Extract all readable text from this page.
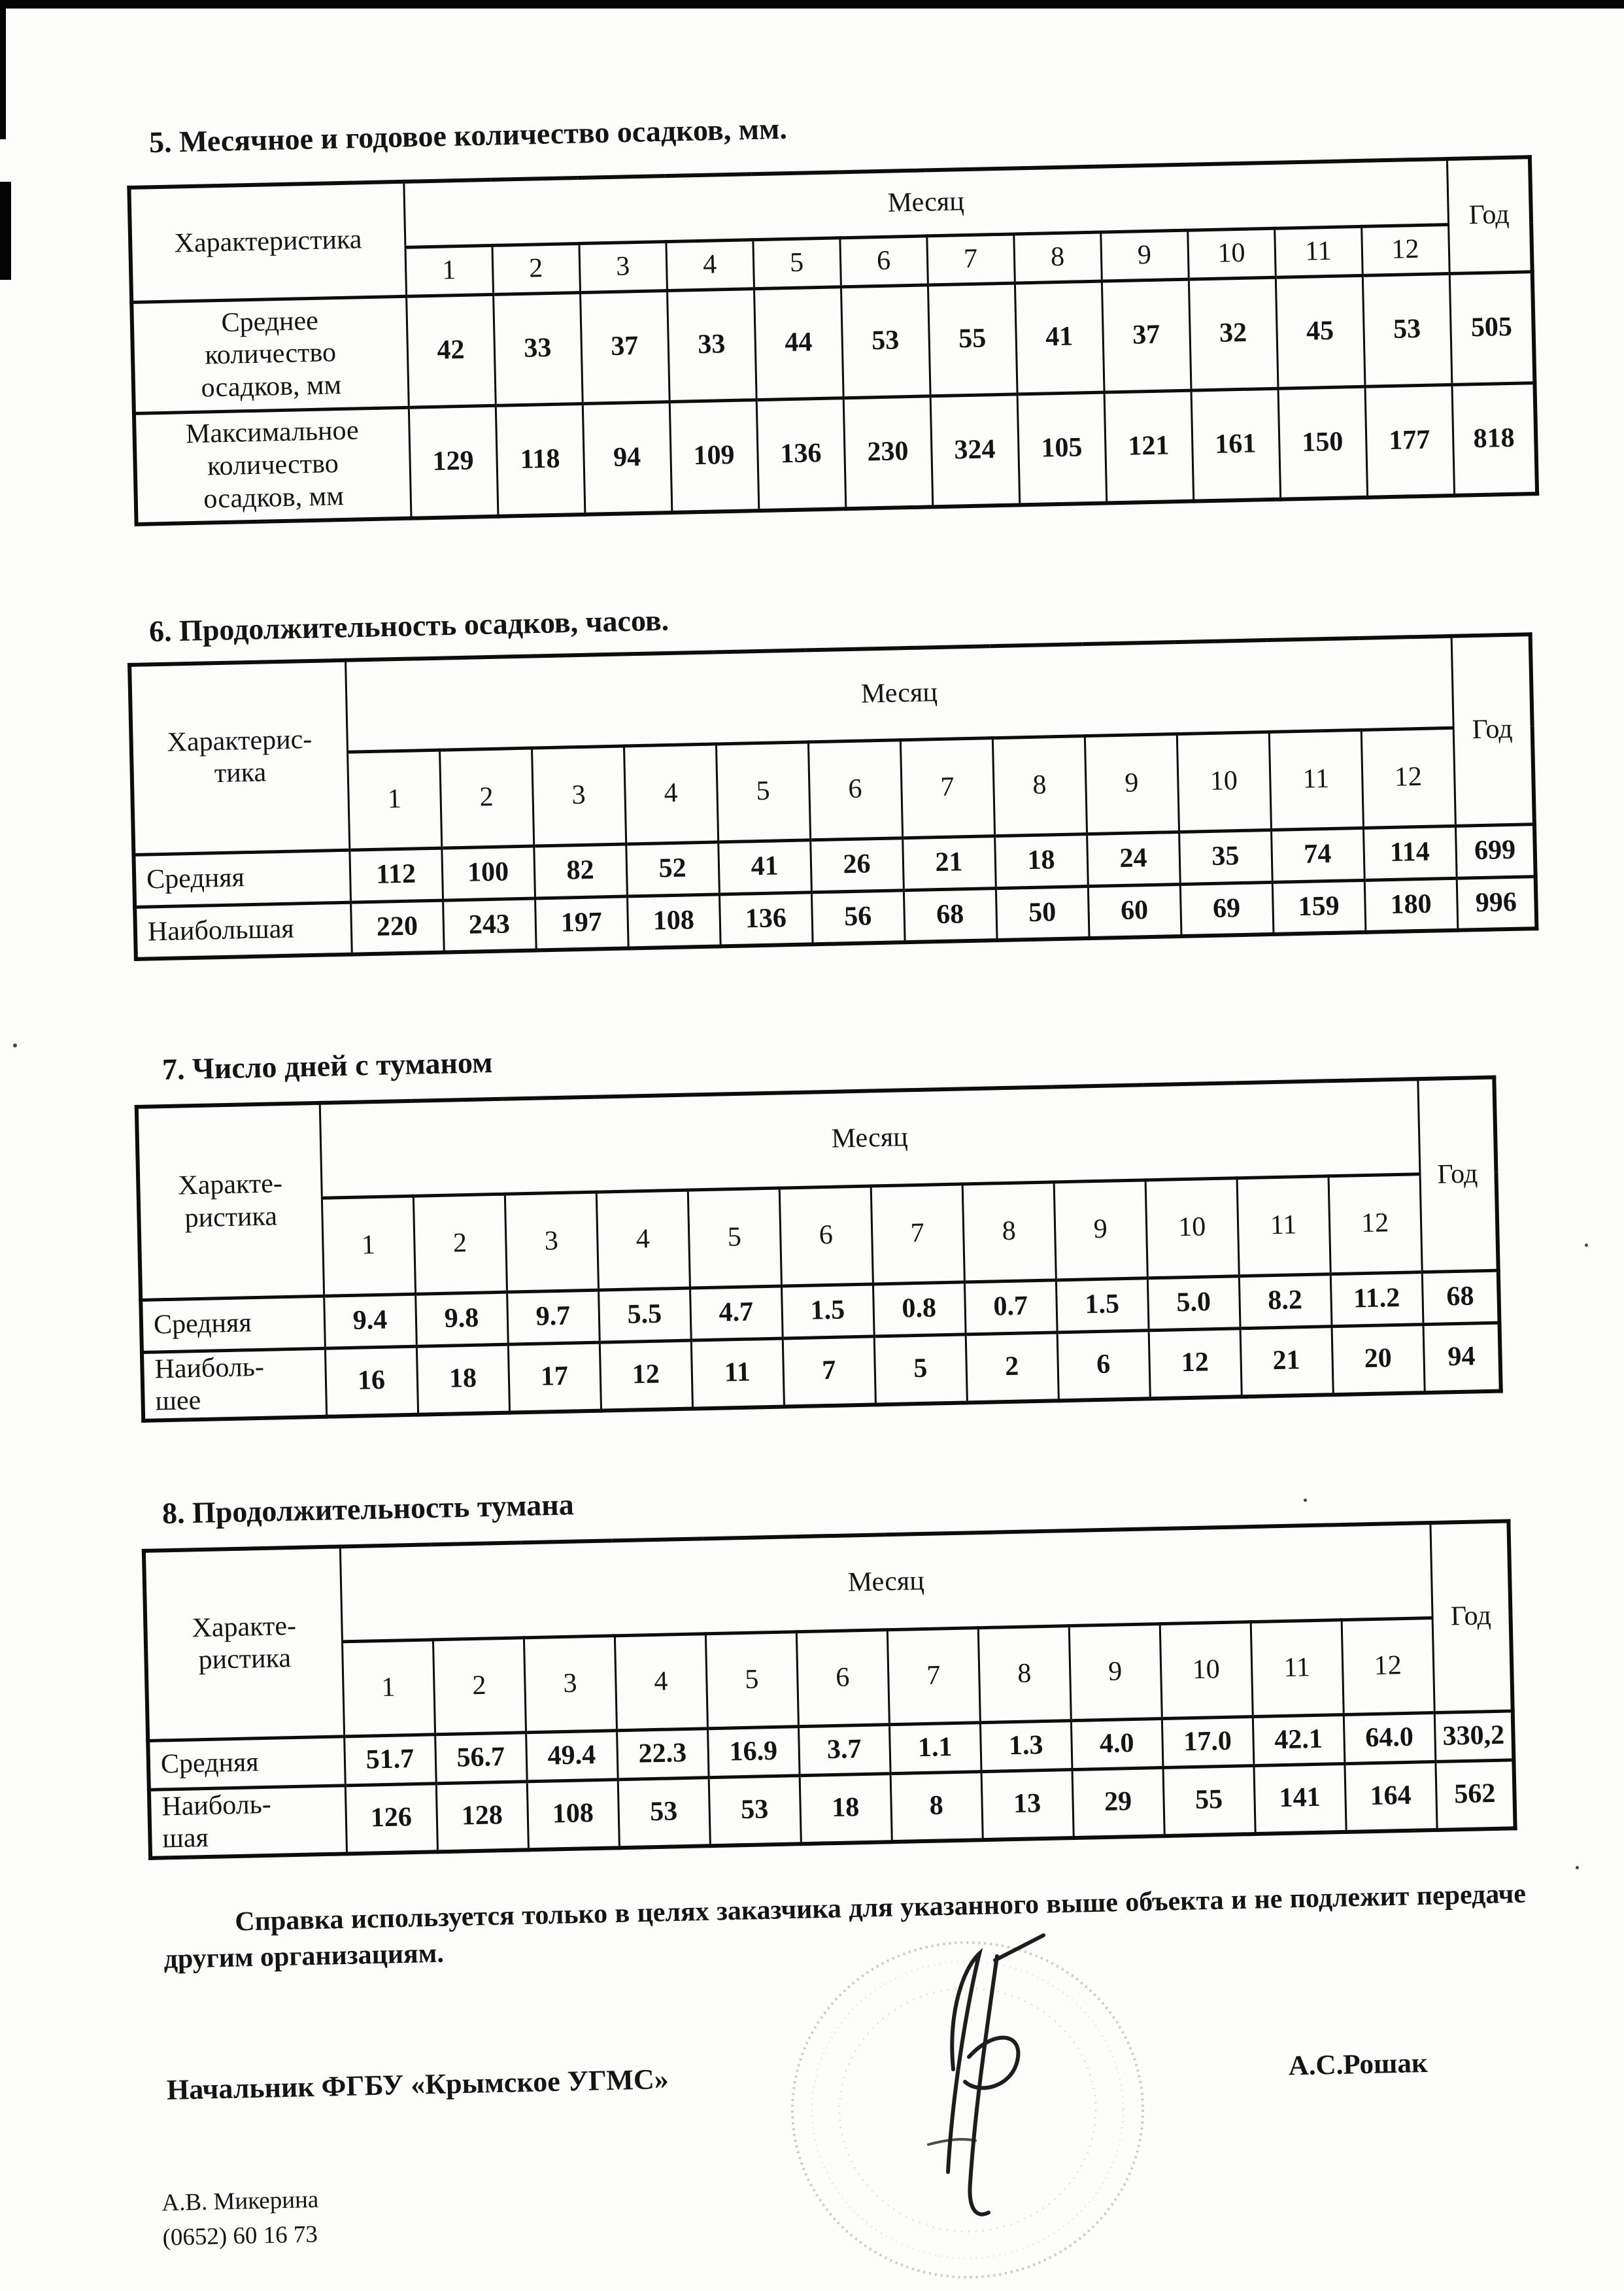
5. Месячное и годовое количество осадков, мм.
Характеристика	Месяц												Год
	1	2	3	4	5	6	7	8	9	10	11	12	
Среднее
количество
осадков, мм	42	33	37	33	44	53	55	41	37	32	45	53	505
Максимальное
количество
осадков, мм	129	118	94	109	136	230	324	105	121	161	150	177	818
6. Продолжительность осадков, часов.
Характерис-
тика	Месяц												Год
	1	2	3	4	5	6	7	8	9	10	11	12	
Средняя	112	100	82	52	41	26	21	18	24	35	74	114	699
Наибольшая	220	243	197	108	136	56	68	50	60	69	159	180	996
7. Число дней с туманом
Характе-
ристика	Месяц												Год
	1	2	3	4	5	6	7	8	9	10	11	12	
Средняя	9.4	9.8	9.7	5.5	4.7	1.5	0.8	0.7	1.5	5.0	8.2	11.2	68
Наиболь-
шее	16	18	17	12	11	7	5	2	6	12	21	20	94
8. Продолжительность тумана
Характе-
ристика	Месяц												Год
	1	2	3	4	5	6	7	8	9	10	11	12	
Средняя	51.7	56.7	49.4	22.3	16.9	3.7	1.1	1.3	4.0	17.0	42.1	64.0	330,2
Наиболь-
шая	126	128	108	53	53	18	8	13	29	55	141	164	562

Справка используется только в целях заказчика для указанного выше объекта и не подлежит передаче другим организациям.

Начальник ФГБУ «Крымское УГМС»	А.С.Рошак
А.В. Микерина
(0652) 60 16 73
